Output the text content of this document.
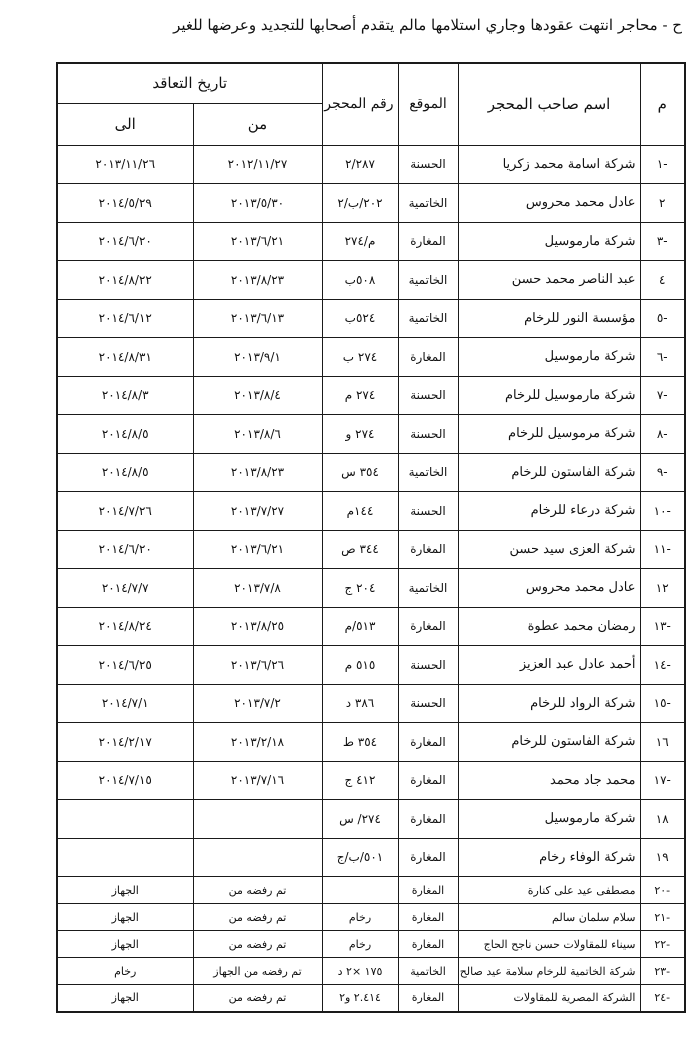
ح - محاجر انتهت عقودها وجاري استلامها مالم يتقدم أصحابها للتجديد وعرضها للغير
م	اسم صاحب المحجر	الموقع	رقم المحجر	تاريخ التعاقد	
				من	الى
-١	شركة اسامة محمد زكريا	الحسنة	٢/٢٨٧	٢٠١٢/١١/٢٧	٢٠١٣/١١/٢٦
٢	عادل محمد محروس	الخاتمية	٢٠٢/ب/٢	٢٠١٣/٥/٣٠	٢٠١٤/٥/٢٩
-٣	شركة مارموسيل	المغارة	م/٢٧٤	٢٠١٣/٦/٢١	٢٠١٤/٦/٢٠
٤	عبد الناصر محمد حسن	الخاتمية	٥٠٨ب	٢٠١٣/٨/٢٣	٢٠١٤/٨/٢٢
-٥	مؤسسة النور للرخام	الخاتمية	٥٢٤ب	٢٠١٣/٦/١٣	٢٠١٤/٦/١٢
-٦	شركة مارموسيل	المغارة	٢٧٤ ب	٢٠١٣/٩/١	٢٠١٤/٨/٣١
-٧	شركة مارموسيل للرخام	الحسنة	٢٧٤ م	٢٠١٣/٨/٤	٢٠١٤/٨/٣
-٨	شركة مرموسيل للرخام	الحسنة	٢٧٤ و	٢٠١٣/٨/٦	٢٠١٤/٨/٥
-٩	شركة الفاستون للرخام	الخاتمية	٣٥٤ س	٢٠١٣/٨/٢٣	٢٠١٤/٨/٥
-١٠	شركة درعاء للرخام	الحسنة	١٤٤م	٢٠١٣/٧/٢٧	٢٠١٤/٧/٢٦
-١١	شركة العزى سيد حسن	المغارة	٣٤٤ ص	٢٠١٣/٦/٢١	٢٠١٤/٦/٢٠
١٢	عادل محمد محروس	الخاتمية	٢٠٤ ج	٢٠١٣/٧/٨	٢٠١٤/٧/٧
-١٣	رمضان محمد عطوة	المغارة	٥١٣/م	٢٠١٣/٨/٢٥	٢٠١٤/٨/٢٤
-١٤	أحمد عادل عبد العزيز	الحسنة	٥١٥ م	٢٠١٣/٦/٢٦	٢٠١٤/٦/٢٥
-١٥	شركة الرواد للرخام	الحسنة	٣٨٦ د	٢٠١٣/٧/٢	٢٠١٤/٧/١
١٦	شركة الفاستون للرخام	المغارة	٣٥٤ ط	٢٠١٣/٢/١٨	٢٠١٤/٢/١٧
-١٧	محمد جاد محمد	المغارة	٤١٢ ج	٢٠١٣/٧/١٦	٢٠١٤/٧/١٥
١٨	شركة مارموسيل	المغارة	٢٧٤/ س		
١٩	شركة الوفاء رخام	المغارة	٥٠١/ب/ج		
-٢٠	مصطفى عيد على كنارة	المغارة		تم رفضه من	الجهاز
-٢١	سلام سلمان سالم	المغارة	رخام	تم رفضه من	الجهاز
-٢٢	سيناء للمقاولات حسن ناجح الحاج	المغارة	رخام	تم رفضه من	الجهاز
-٢٣	شركة الخاتمية للرخام سلامة عيد صالح	الخاتمية	١٧٥ ×٢ د	تم رفضه من الجهاز	رخام
-٢٤	الشركة المصرية للمقاولات	المغارة	٢.٤١٤ و٢	تم رفضه من	الجهاز
